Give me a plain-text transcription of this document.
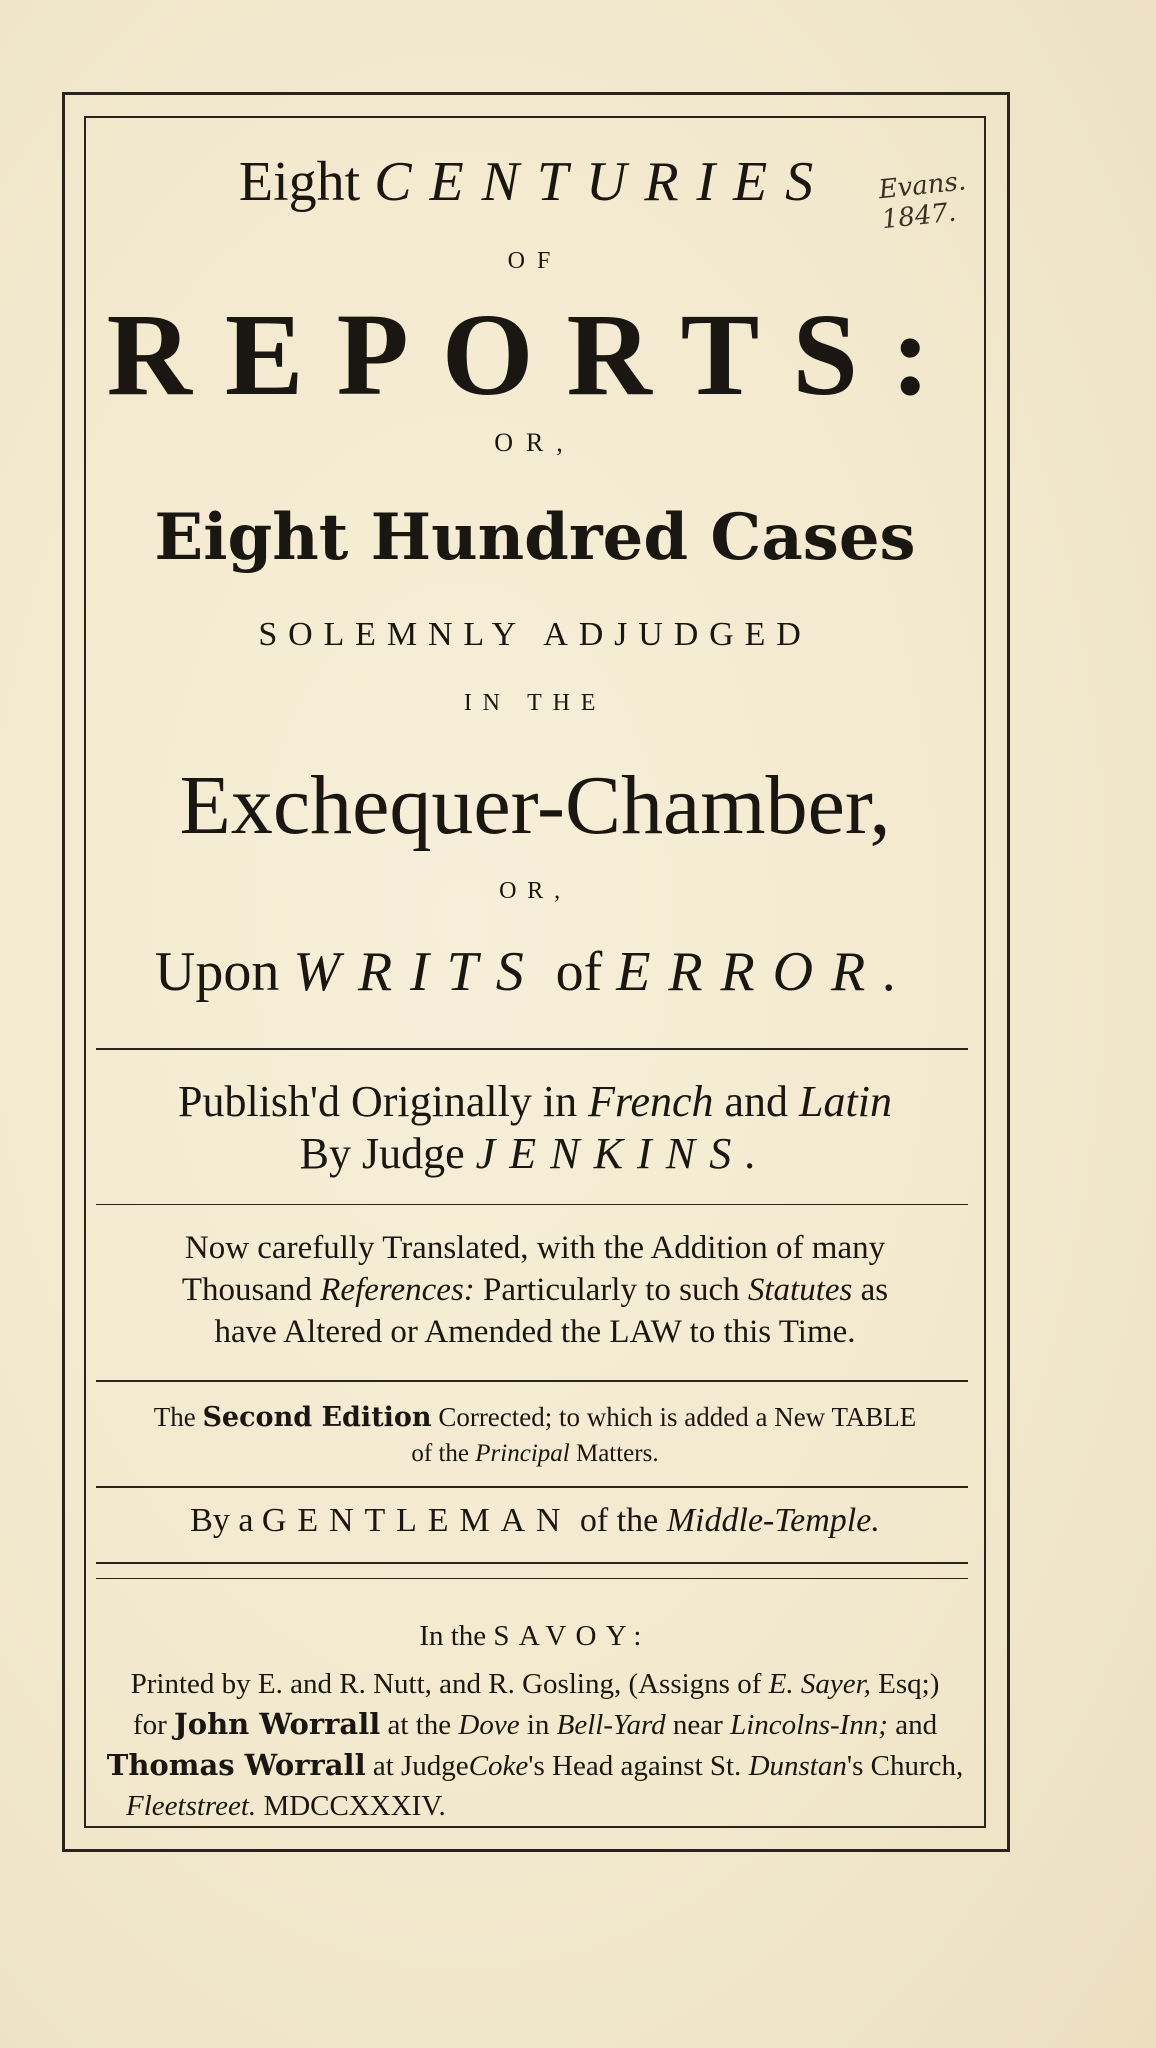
Evans. 1847.
Eight CENTURIES
OF
REPORTS:
OR,
Eight Hundred Cases
SOLEMNLY ADJUDGED
IN THE
Exchequer-Chamber,
OR,
Upon WRITS of ERROR.
Publish'd Originally in French and Latin
By Judge JENKINS.
Now carefully Translated, with the Addition of many
Thousand References: Particularly to such Statutes as
have Altered or Amended the LAW to this Time.
The Second Edition Corrected; to which is added a New TABLE
of the Principal Matters.
By a GENTLEMAN of the Middle-Temple.
In the SAVOY:

Printed by E. and R. Nutt, and R. Gosling, (Assigns of E. Sayer, Esq;)

for John Worrall at the Dove in Bell-Yard near Lincolns-Inn; and

Thomas Worrall at JudgeCoke's Head against St. Dunstan's Church,

Fleetstreet. MDCCXXXIV.
